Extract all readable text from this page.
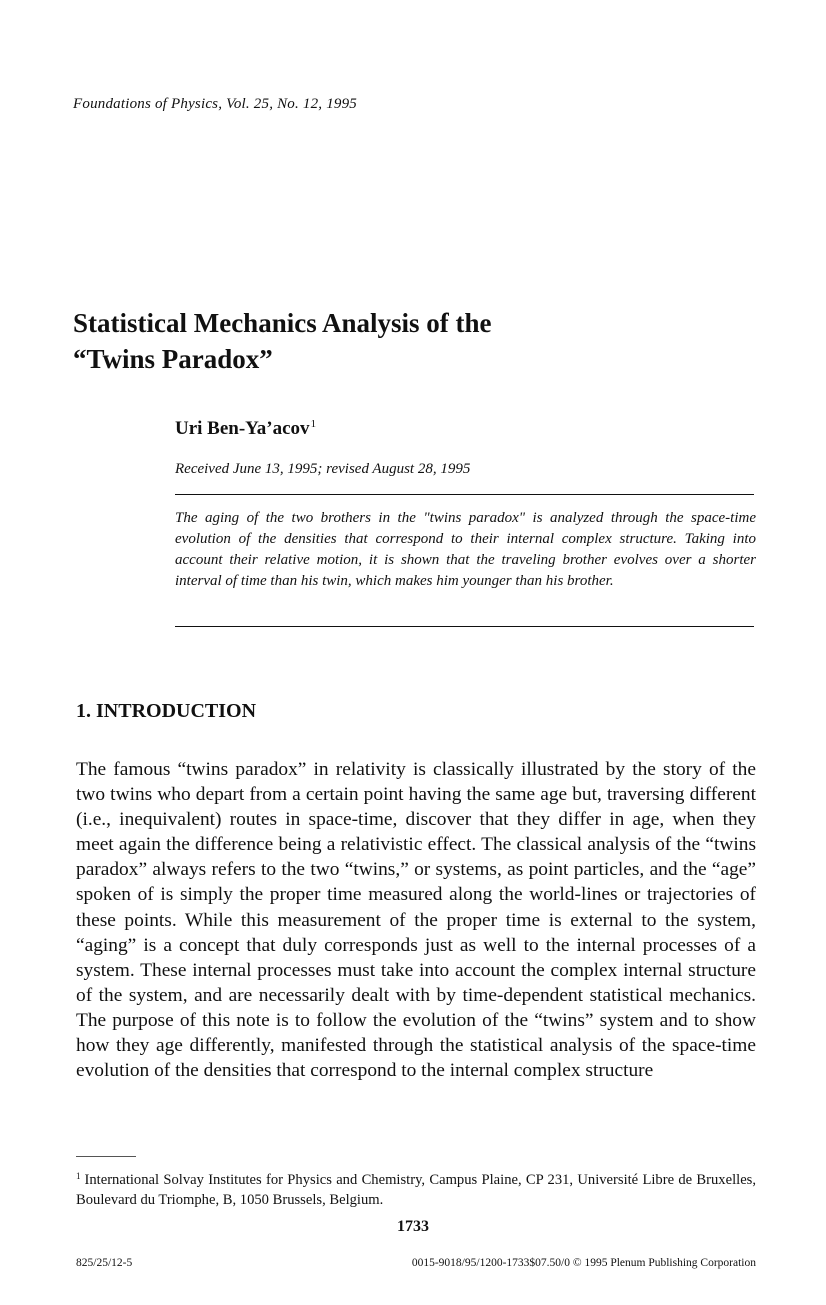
Foundations of Physics, Vol. 25, No. 12, 1995
Statistical Mechanics Analysis of the
“Twins Paradox”
Uri Ben-Ya’acov$^1$
Received June 13, 1995; revised August 28, 1995

The aging of the two brothers in the "twins paradox" is analyzed through the space-time evolution of the densities that correspond to their internal complex structure. Taking into account their relative motion, it is shown that the traveling brother evolves over a shorter interval of time than his twin, which makes him younger than his brother.

1. INTRODUCTION

The famous “twins paradox” in relativity is classically illustrated by the story of the two twins who depart from a certain point having the same age but, traversing different (i.e., inequivalent) routes in space-time, discover that they differ in age, when they meet again the difference being a relativistic effect. The classical analysis of the “twins paradox” always refers to the two “twins,” or systems, as point particles, and the “age” spoken of is simply the proper time measured along the world-lines or trajectories of these points. While this measurement of the proper time is external to the system, “aging” is a concept that duly corresponds just as well to the internal processes of a system. These internal processes must take into account the complex internal structure of the system, and are necessarily dealt with by time-dependent statistical mechanics. The purpose of this note is to follow the evolution of the “twins” system and to show how they age differently, manifested through the statistical analysis of the space-time evolution of the densities that correspond to the internal complex structure

$^1$ International Solvay Institutes for Physics and Chemistry, Campus Plaine, CP 231, Université Libre de Bruxelles, Boulevard du Triomphe, B, 1050 Brussels, Belgium.

1733
825/25/12-5	0015-9018/95/1200-1733$07.50/0 © 1995 Plenum Publishing Corporation
